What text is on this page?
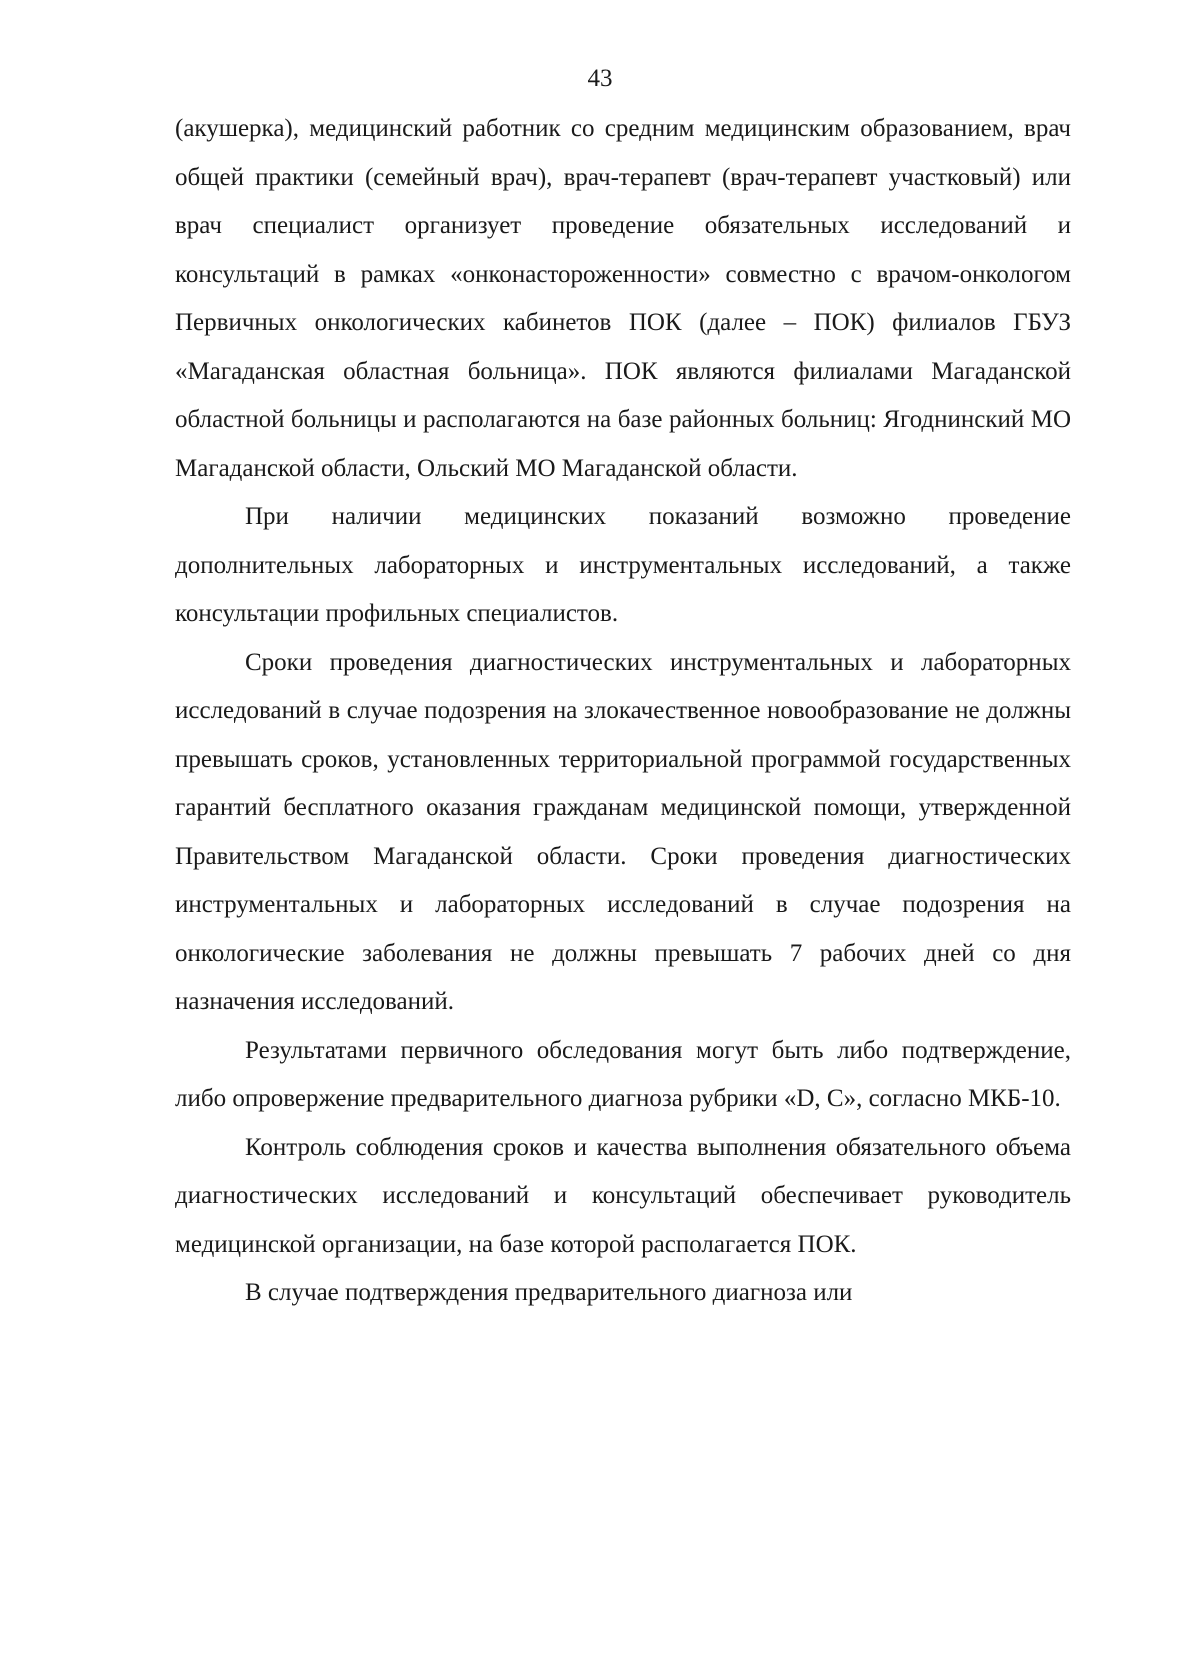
43

(акушерка), медицинский работник со средним медицинским образованием, врач общей практики (семейный врач), врач-терапевт (врач-терапевт участковый) или врач специалист организует проведение обязательных исследований и консультаций в рамках «онконастороженности» совместно с врачом-онкологом Первичных онкологических кабинетов ПОК (далее – ПОК) филиалов ГБУЗ «Магаданская областная больница». ПОК являются филиалами Магаданской областной больницы и располагаются на базе районных больниц: Ягоднинский МО Магаданской области, Ольский МО Магаданской области.

При наличии медицинских показаний возможно проведение дополнительных лабораторных и инструментальных исследований, а также консультации профильных специалистов.

Сроки проведения диагностических инструментальных и лабораторных исследований в случае подозрения на злокачественное новообразование не должны превышать сроков, установленных территориальной программой государственных гарантий бесплатного оказания гражданам медицинской помощи, утвержденной Правительством Магаданской области. Сроки проведения диагностических инструментальных и лабораторных исследований в случае подозрения на онкологические заболевания не должны превышать 7 рабочих дней со дня назначения исследований.

Результатами первичного обследования могут быть либо подтверждение, либо опровержение предварительного диагноза рубрики «D, C», согласно МКБ-10.

Контроль соблюдения сроков и качества выполнения обязательного объема диагностических исследований и консультаций обеспечивает руководитель медицинской организации, на базе которой располагается ПОК.

В случае подтверждения предварительного диагноза или
